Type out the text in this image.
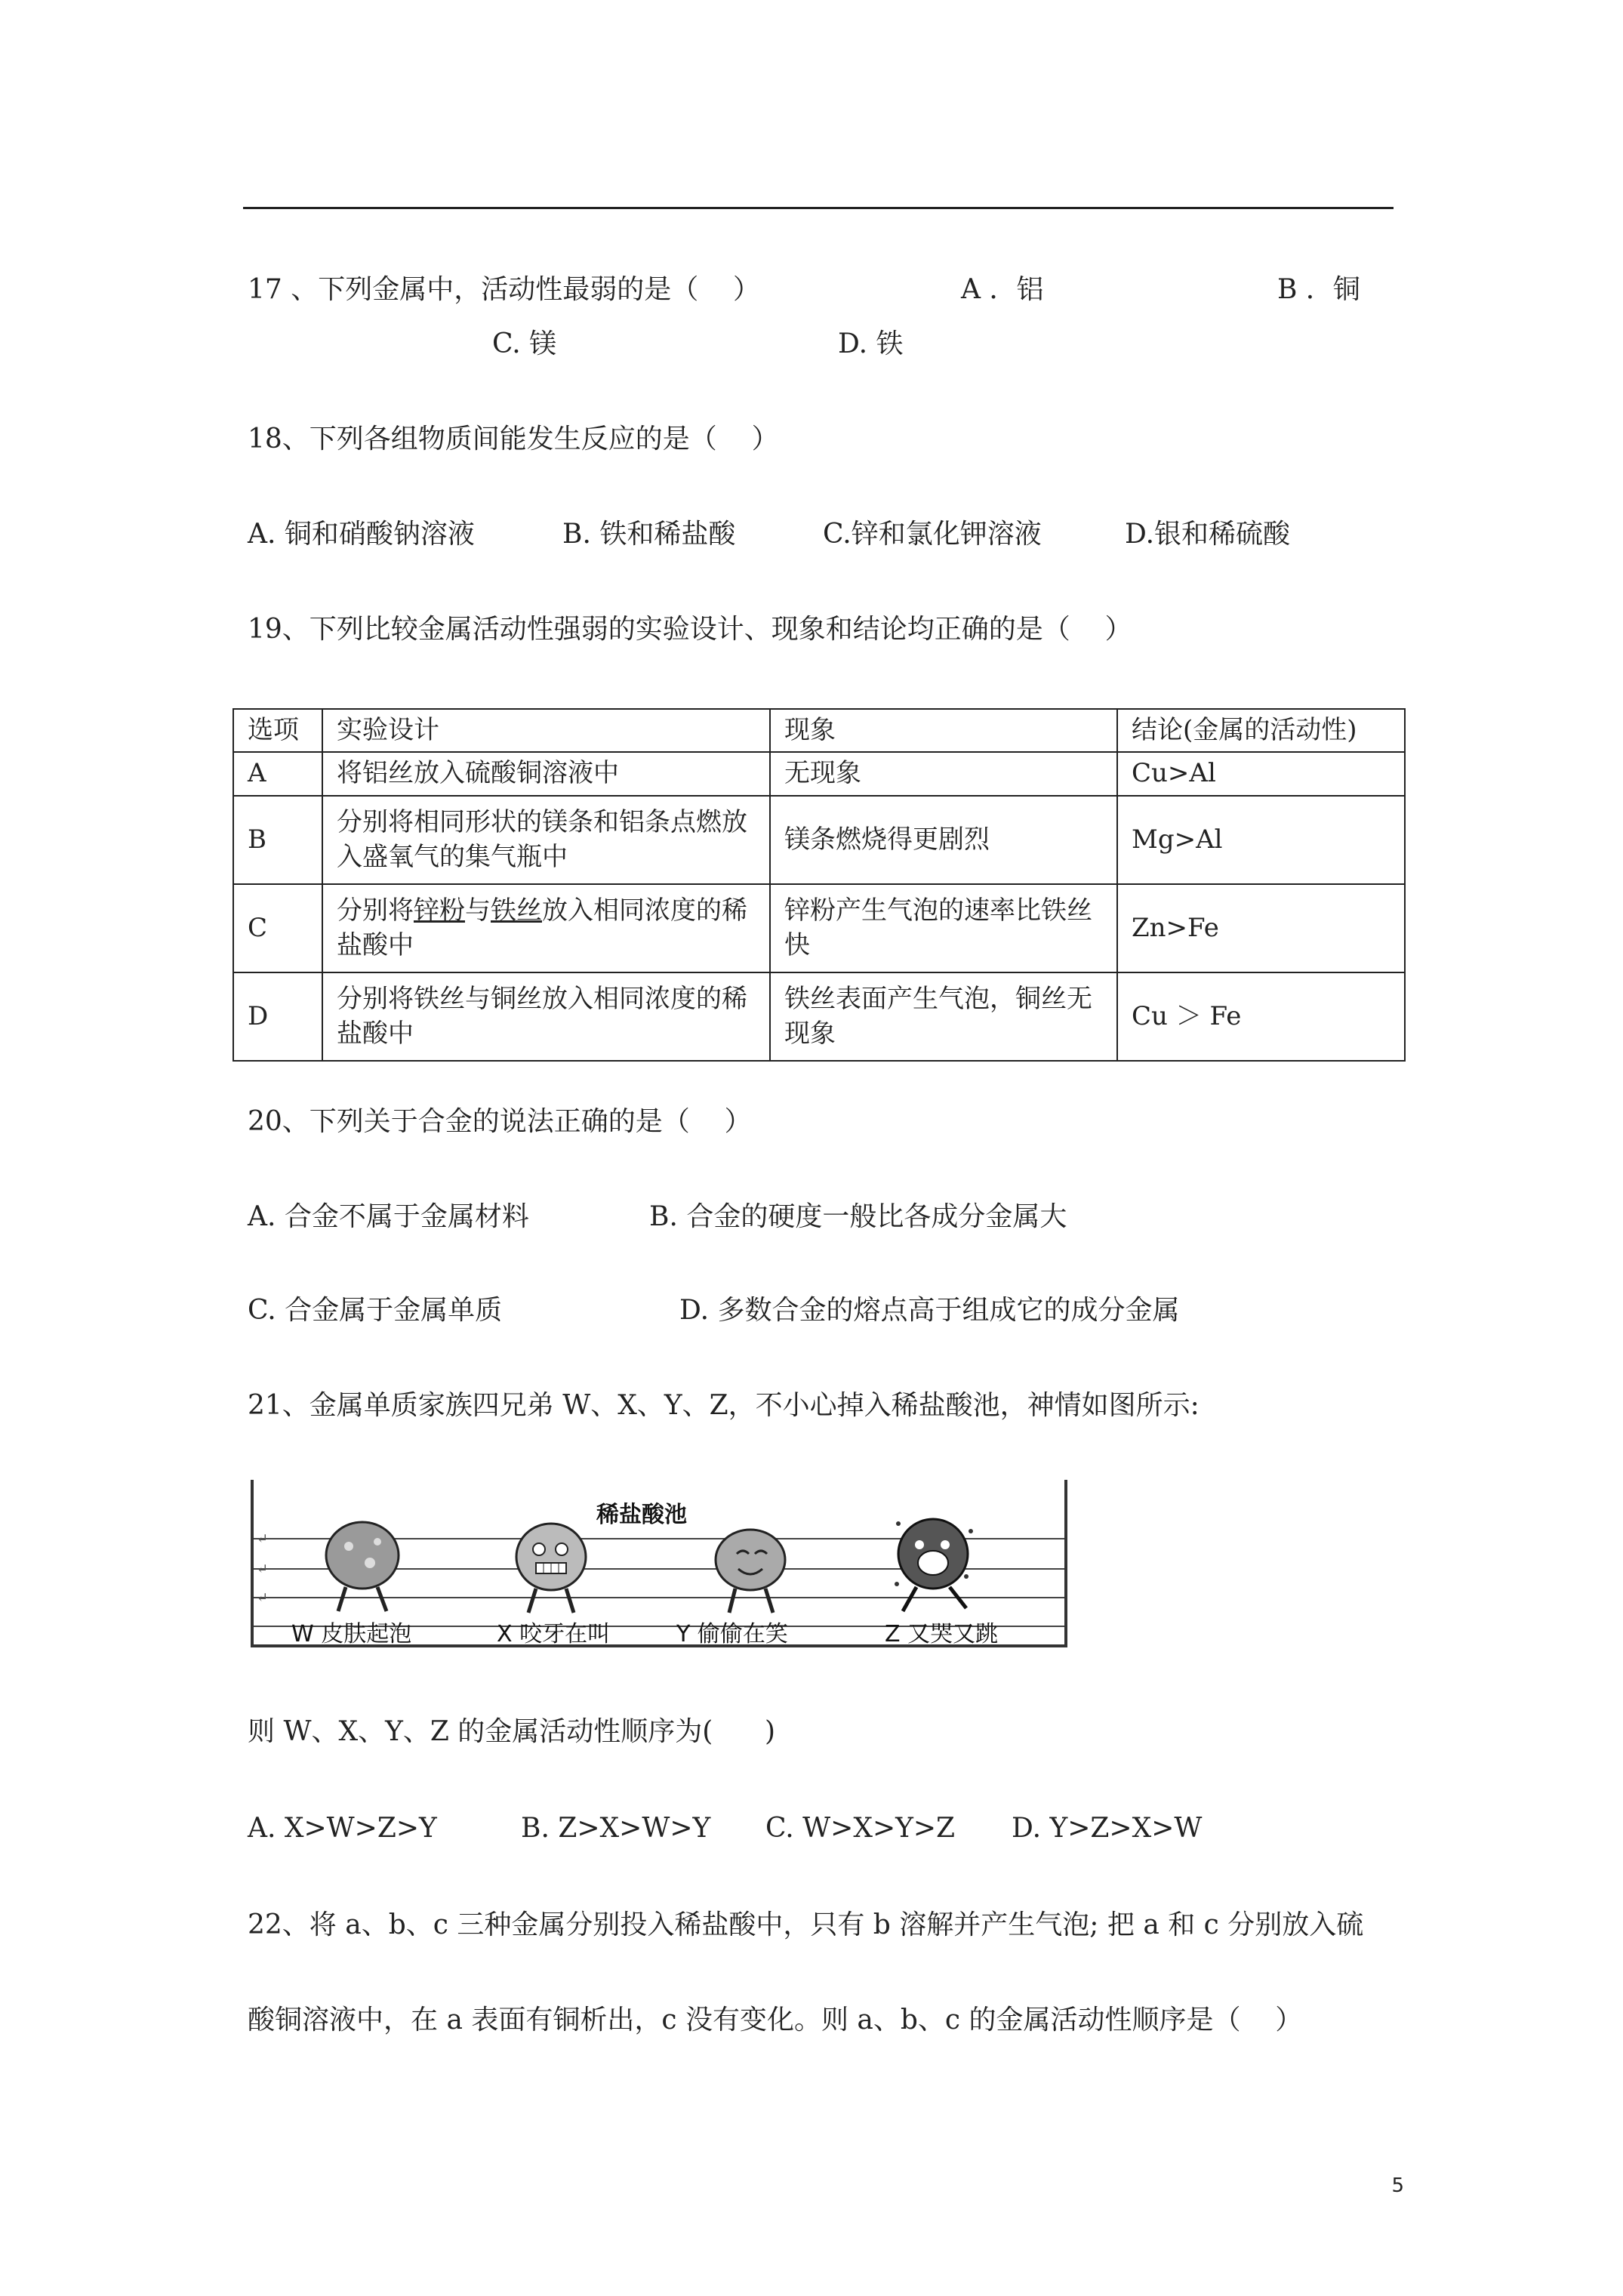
17 、下列金属中，活动性最弱的是（    ）

	A ．铝

	B ．铜

C. 镁	D. 铁
18、下列各组物质间能发生反应的是（    ）
A. 铜和硝酸钠溶液	B. 铁和稀盐酸	C.锌和氯化钾溶液	D.银和稀硫酸
19、下列比较金属活动性强弱的实验设计、现象和结论均正确的是（    ）
选项	实验设计	现象	结论(金属的活动性)
A	将铝丝放入硫酸铜溶液中	无现象	Cu>Al
B	分别将相同形状的镁条和铝条点燃放入盛氧气的集气瓶中	镁条燃烧得更剧烈	Mg>Al
C	分别将锌粉与铁丝放入相同浓度的稀盐酸中	锌粉产生气泡的速率比铁丝快	Zn>Fe
D	分别将铁丝与铜丝放入相同浓度的稀盐酸中	铁丝表面产生气泡，铜丝无现象	Cu ＞ Fe
20、下列关于合金的说法正确的是（    ）
A. 合金不属于金属材料	B. 合金的硬度一般比各成分金属大
C. 合金属于金属单质	D. 多数合金的熔点高于组成它的成分金属
21、金属单质家族四兄弟 W、X、Y、Z，不小心掉入稀盐酸池，神情如图所示:
↵
↵
↵
稀盐酸池
W 皮肤起泡	X 咬牙在叫	Y 偷偷在笑	Z 又哭又跳
则 W、X、Y、Z 的金属活动性顺序为(      )
A. X>W>Z>Y	B. Z>X>W>Y C. W>X>Y>Z D. Y>Z>X>W
22、将 a、b、c 三种金属分别投入稀盐酸中，只有 b 溶解并产生气泡; 把 a 和 c 分别放入硫
酸铜溶液中，在 a 表面有铜析出，c 没有变化。则 a、b、c 的金属活动性顺序是（    ）
5
